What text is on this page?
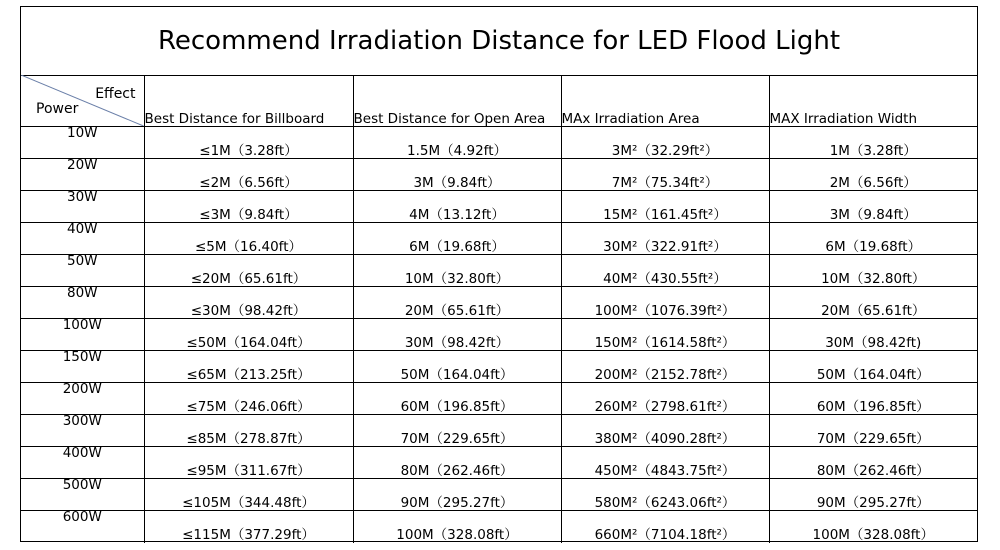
Recommend Irradiation Distance for LED Flood Light
Effect
Power	Best Distance for Billboard	Best Distance for Open Area	MAx Irradiation Area	MAX Irradiation Width
10W	≤1M（3.28ft）	1.5M（4.92ft）	3M²（32.29ft²）	1M（3.28ft）
20W	≤2M（6.56ft）	3M（9.84ft）	7M²（75.34ft²）	2M（6.56ft）
30W	≤3M（9.84ft）	4M（13.12ft）	15M²（161.45ft²）	3M（9.84ft）
40W	≤5M（16.40ft）	6M（19.68ft）	30M²（322.91ft²）	6M（19.68ft）
50W	≤20M（65.61ft）	10M（32.80ft）	40M²（430.55ft²）	10M（32.80ft）
80W	≤30M（98.42ft）	20M（65.61ft）	100M²（1076.39ft²）	20M（65.61ft）
100W	≤50M（164.04ft）	30M（98.42ft）	150M²（1614.58ft²）	30M（98.42ft)
150W	≤65M（213.25ft）	50M（164.04ft）	200M²（2152.78ft²）	50M（164.04ft）
200W	≤75M（246.06ft）	60M（196.85ft）	260M²（2798.61ft²）	60M（196.85ft）
300W	≤85M（278.87ft）	70M（229.65ft）	380M²（4090.28ft²）	70M（229.65ft）
400W	≤95M（311.67ft）	80M（262.46ft）	450M²（4843.75ft²）	80M（262.46ft）
500W	≤105M（344.48ft）	90M（295.27ft）	580M²（6243.06ft²）	90M（295.27ft）
600W	≤115M（377.29ft）	100M（328.08ft）	660M²（7104.18ft²）	100M（328.08ft）
